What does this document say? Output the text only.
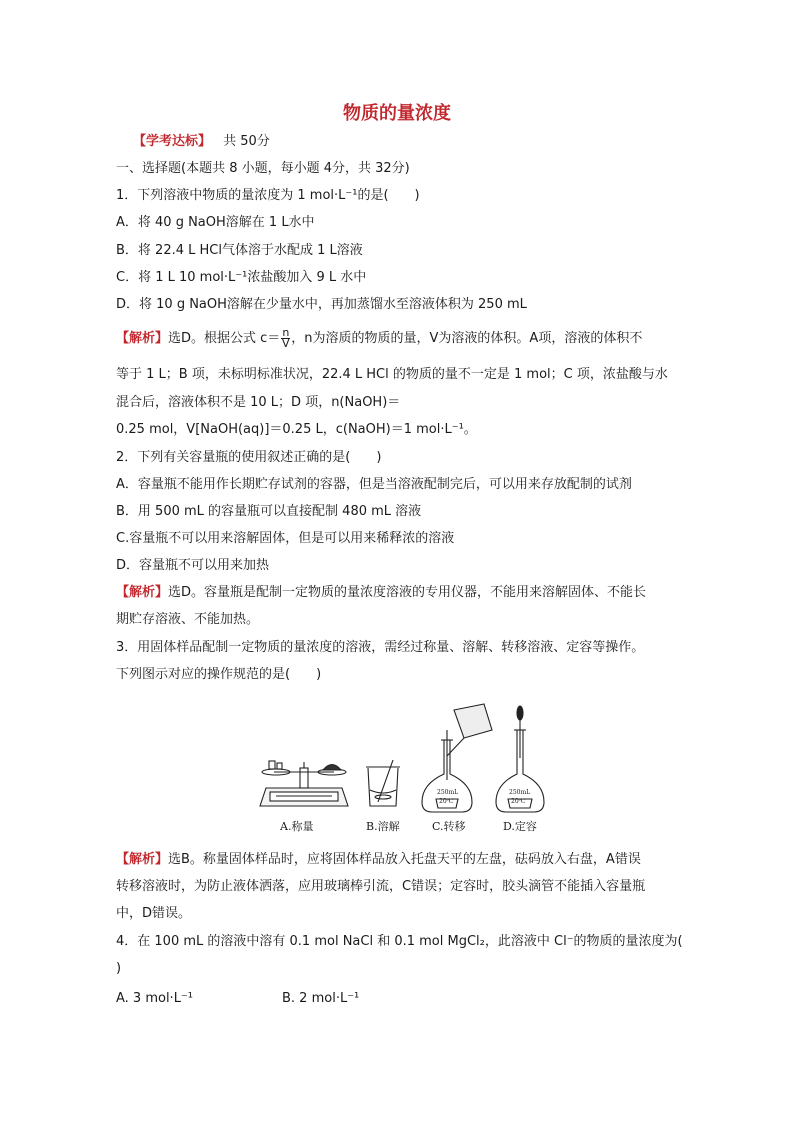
物质的量浓度
【学考达标】 共 50分
一、选择题(本题共 8 小题，每小题 4分，共 32分)
1．下列溶液中物质的量浓度为 1 mol·L⁻¹的是(　　)
A．将 40 g NaOH溶解在 1 L水中
B．将 22.4 L HCl气体溶于水配成 1 L溶液
C．将 1 L 10 mol·L⁻¹浓盐酸加入 9 L 水中
D．将 10 g NaOH溶解在少量水中，再加蒸馏水至溶液体积为 250 mL
【解析】选D。根据公式 $c= \frac{n}{V}$ ，n为溶质的物质的量，V为溶液的体积。A项，溶液的体积不
等于 1 L；B 项，未标明标准状况，22.4 L HCl 的物质的量不一定是 1 mol；C 项，浓盐酸与水
混合后，溶液体积不是 10 L；D 项，n(NaOH)＝
0.25 mol，V[NaOH(aq)]＝0.25 L，c(NaOH)＝1 mol·L⁻¹。
2．下列有关容量瓶的使用叙述正确的是(　　)
A．容量瓶不能用作长期贮存试剂的容器，但是当溶液配制完后，可以用来存放配制的试剂
B．用 500 mL 的容量瓶可以直接配制 480 mL 溶液
C.容量瓶不可以用来溶解固体，但是可以用来稀释浓的溶液
D．容量瓶不可以用来加热
【解析】选D。容量瓶是配制一定物质的量浓度溶液的专用仪器，不能用来溶解固体、不能长
期贮存溶液、不能加热。
3．用固体样品配制一定物质的量浓度的溶液，需经过称量、溶解、转移溶液、定容等操作。
下列图示对应的操作规范的是(　　)
250mL
20℃
250mL
20℃
A.称量	B.溶解	C.转移	D.定容
【解析】选B。称量固体样品时，应将固体样品放入托盘天平的左盘，砝码放入右盘，A错误
转移溶液时，为防止液体洒落，应用玻璃棒引流，C错误；定容时，胶头滴管不能插入容量瓶
中，D错误。
4．在 100 mL 的溶液中溶有 0.1 mol NaCl 和 0.1 mol MgCl₂，此溶液中 Cl⁻的物质的量浓度为(
)
A. 3 mol·L⁻¹	B. 2 mol·L⁻¹
